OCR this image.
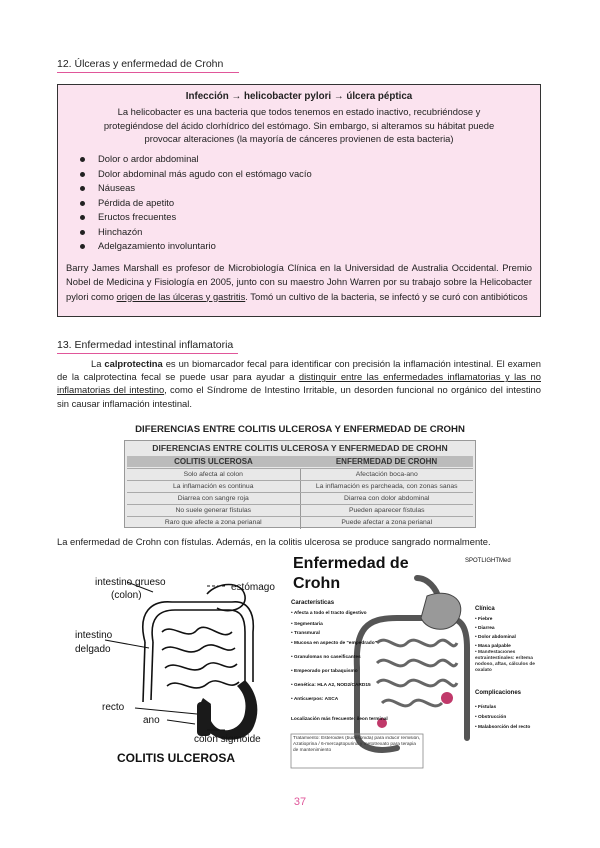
12. Úlceras y enfermedad de Crohn
Infección → helicobacter pylori → úlcera péptica
La helicobacter es una bacteria que todos tenemos en estado inactivo, recubriéndose y
protegiéndose del ácido clorhídrico del estómago. Sin embargo, si alteramos su hábitat puede
provocar alteraciones (la mayoría de cánceres provienen de esta bacteria)
Dolor o ardor abdominal
Dolor abdominal más agudo con el estómago vacío
Náuseas
Pérdida de apetito
Eructos frecuentes
Hinchazón
Adelgazamiento involuntario
Barry James Marshall es profesor de Microbiología Clínica en la Universidad de Australia Occidental. Premio Nobel de Medicina y Fisiología en 2005, junto con su maestro John Warren por su trabajo sobre la Helicobacter pylori como origen de las úlceras y gastritis. Tomó un cultivo de la bacteria, se infectó y se curó con antibióticos
13. Enfermedad intestinal inflamatoria
La calprotectina es un biomarcador fecal para identificar con precisión la inflamación intestinal. El examen de la calprotectina fecal se puede usar para ayudar a distinguir entre las enfermedades inflamatorias y las no inflamatorias del intestino, como el Síndrome de Intestino Irritable, un desorden funcional no orgánico del intestino sin causar inflamación intestinal.
DIFERENCIAS ENTRE COLITIS ULCEROSA Y ENFERMEDAD DE CROHN
DIFERENCIAS ENTRE COLITIS ULCEROSA Y ENFERMEDAD DE CROHN
COLITIS ULCEROSA	ENFERMEDAD DE CROHN
Solo afecta al colon	Afectación boca-ano
La inflamación es continua	La inflamación es parcheada, con zonas sanas
Diarrea con sangre roja	Diarrea con dolor abdominal
No suele generar fístulas	Pueden aparecer fístulas
Raro que afecte a zona perianal	Puede afectar a zona perianal
La enfermedad de Crohn con fístulas. Además, en la colitis ulcerosa se produce sangrado normalmente.
intestino grueso
(colon)
estómago
intestino
delgado
recto
ano
colon sigmoide
COLITIS ULCEROSA
Enfermedad de
Crohn
SPOTLIGHTMed
Características
• Afecta a todo el tracto digestivo
• Segmentaria
• Transmural
• Mucosa en aspecto de "empedrado"
• Granulomas no caseificantes
• Empeorado por tabaquismo
• Genética: HLA A2, NOD2/CARD15
• Anticuerpos: ASCA
Localización más frecuente: íleon terminal
Tratamiento: Esteroides (budesonida) para inducir remisión, Azatioprina / 6-mercaptopurina y metotrexato para terapia de mantenimiento
Clínica
• Fiebre
• Diarrea
• Dolor abdominal
• Masa palpable
• Manifestaciones extraintestinales: eritema nodoso, aftas, cálculos de oxalato
Complicaciones
• Fístulas
• Obstrucción
• Malabsorción del recto
37
